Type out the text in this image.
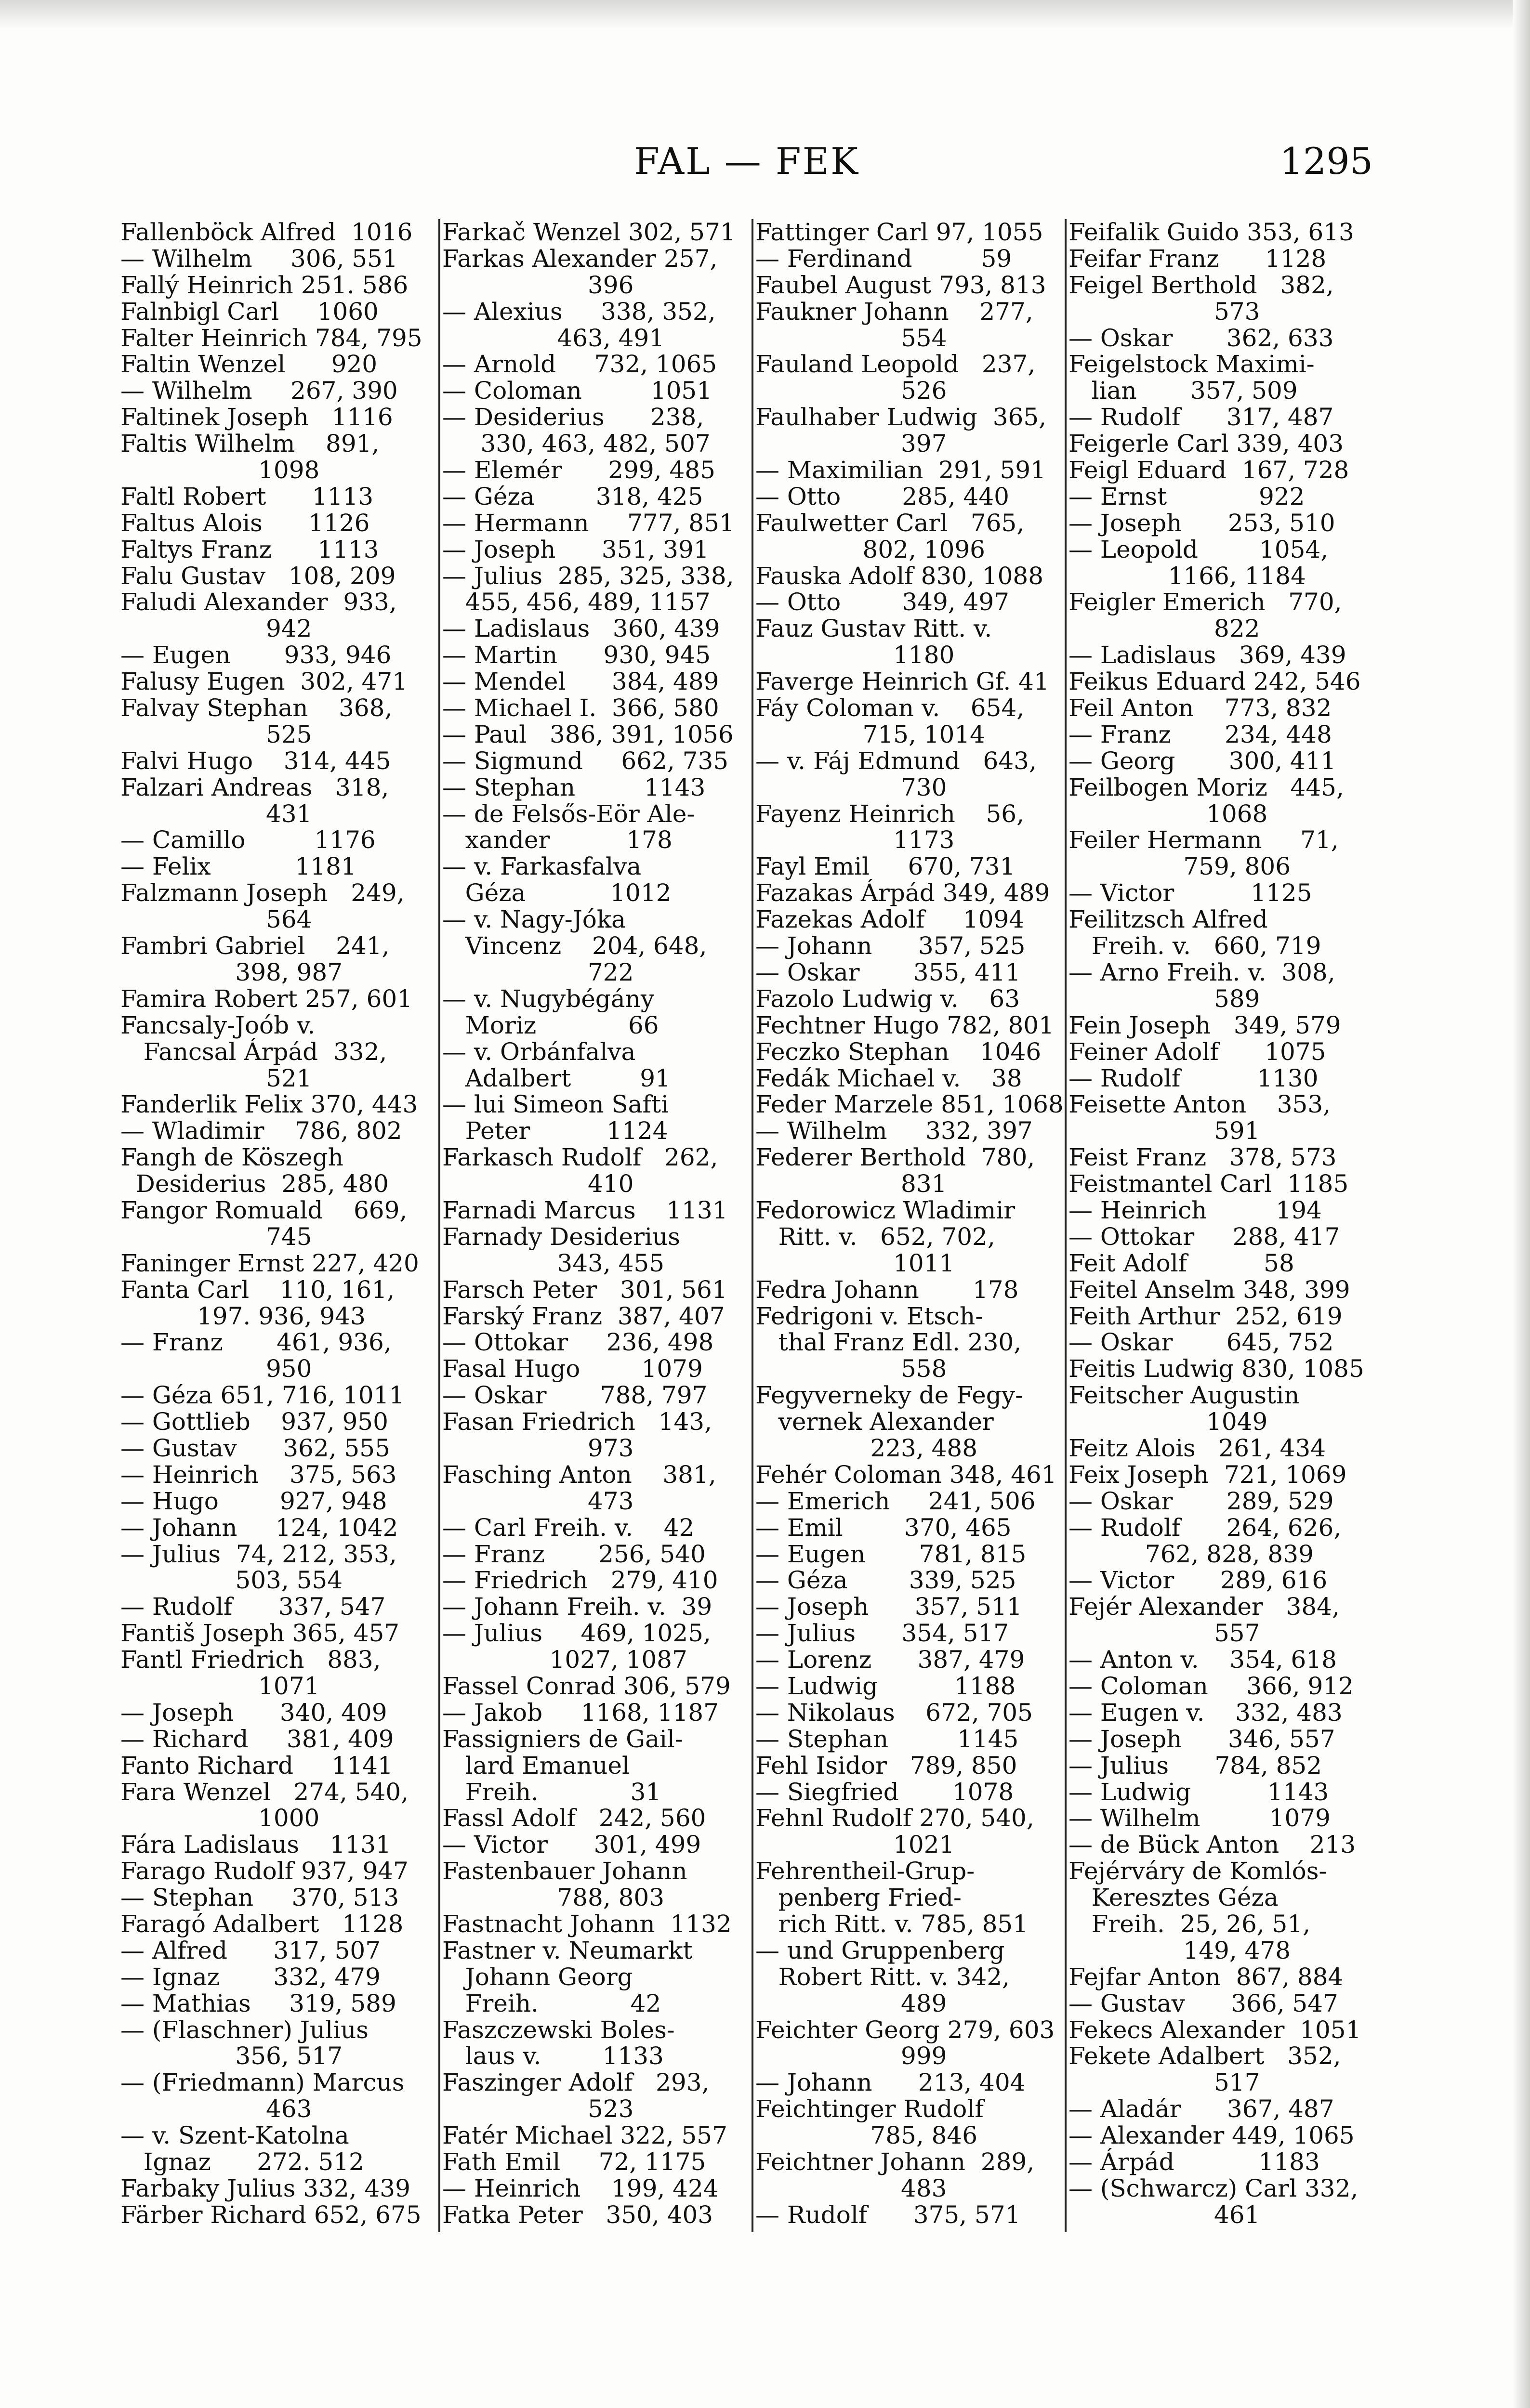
FAL — FEK	1295
Fallenböck Alfred  1016
— Wilhelm     306, 551
Fallý Heinrich 251. 586
Falnbigl Carl     1060
Falter Heinrich 784, 795
Faltin Wenzel      920
— Wilhelm     267, 390
Faltinek Joseph   1116
Faltis Wilhelm    891,
1098
Faltl Robert      1113
Faltus Alois      1126
Faltys Franz      1113
Falu Gustav   108, 209
Faludi Alexander  933,
942
— Eugen       933, 946
Falusy Eugen  302, 471
Falvay Stephan    368,
525
Falvi Hugo    314, 445
Falzari Andreas   318,
431
— Camillo         1176
— Felix           1181
Falzmann Joseph   249,
564
Fambri Gabriel    241,
398, 987
Famira Robert 257, 601
Fancsaly-Joób v.
Fancsal Árpád  332,
521
Fanderlik Felix 370, 443
— Wladimir    786, 802
Fangh de Köszegh
Desiderius  285, 480
Fangor Romuald    669,
745
Faninger Ernst 227, 420
Fanta Carl    110, 161,
197. 936, 943
— Franz       461, 936,
950
— Géza 651, 716, 1011
— Gottlieb    937, 950
— Gustav      362, 555
— Heinrich    375, 563
— Hugo        927, 948
— Johann     124, 1042
— Julius  74, 212, 353,
503, 554
— Rudolf      337, 547
Fantiš Joseph 365, 457
Fantl Friedrich   883,
1071
— Joseph      340, 409
— Richard     381, 409
Fanto Richard     1141
Fara Wenzel   274, 540,
1000
Fára Ladislaus    1131
Farago Rudolf 937, 947
— Stephan     370, 513
Faragó Adalbert   1128
— Alfred      317, 507
— Ignaz       332, 479
— Mathias     319, 589
— (Flaschner) Julius
356, 517
— (Friedmann) Marcus
463
— v. Szent-Katolna
Ignaz      272. 512
Farbaky Julius 332, 439
Färber Richard 652, 675
Farkač Wenzel 302, 571
Farkas Alexander 257,
396
— Alexius     338, 352,
463, 491
— Arnold     732, 1065
— Coloman         1051
— Desiderius      238,
330, 463, 482, 507
— Elemér      299, 485
— Géza        318, 425
— Hermann     777, 851
— Joseph      351, 391
— Julius  285, 325, 338,
455, 456, 489, 1157
— Ladislaus   360, 439
— Martin      930, 945
— Mendel      384, 489
— Michael I.  366, 580
— Paul   386, 391, 1056
— Sigmund     662, 735
— Stephan         1143
— de Felsős-Eör Ale-
xander          178
— v. Farkasfalva
Géza           1012
— v. Nagy-Jóka
Vincenz    204, 648,
722
— v. Nugybégány
Moriz            66
— v. Orbánfalva
Adalbert         91
— lui Simeon Safti
Peter          1124
Farkasch Rudolf   262,
410
Farnadi Marcus    1131
Farnady Desiderius
343, 455
Farsch Peter   301, 561
Farský Franz  387, 407
— Ottokar     236, 498
Fasal Hugo        1079
— Oskar       788, 797
Fasan Friedrich   143,
973
Fasching Anton    381,
473
— Carl Freih. v.    42
— Franz       256, 540
— Friedrich   279, 410
— Johann Freih. v.  39
— Julius     469, 1025,
1027, 1087
Fassel Conrad 306, 579
— Jakob     1168, 1187
Fassigniers de Gail-
lard Emanuel
Freih.            31
Fassl Adolf   242, 560
— Victor      301, 499
Fastenbauer Johann
788, 803
Fastnacht Johann  1132
Fastner v. Neumarkt
Johann Georg
Freih.            42
Faszczewski Boles-
laus v.        1133
Faszinger Adolf   293,
523
Fatér Michael 322, 557
Fath Emil     72, 1175
— Heinrich    199, 424
Fatka Peter   350, 403
Fattinger Carl 97, 1055
— Ferdinand         59
Faubel August 793, 813
Faukner Johann    277,
554
Fauland Leopold   237,
526
Faulhaber Ludwig  365,
397
— Maximilian  291, 591
— Otto        285, 440
Faulwetter Carl   765,
802, 1096
Fauska Adolf 830, 1088
— Otto        349, 497
Fauz Gustav Ritt. v.
1180
Faverge Heinrich Gf. 41
Fáy Coloman v.    654,
715, 1014
— v. Fáj Edmund   643,
730
Fayenz Heinrich    56,
1173
Fayl Emil     670, 731
Fazakas Árpád 349, 489
Fazekas Adolf     1094
— Johann      357, 525
— Oskar       355, 411
Fazolo Ludwig v.    63
Fechtner Hugo 782, 801
Feczko Stephan    1046
Fedák Michael v.    38
Feder Marzele 851, 1068
— Wilhelm     332, 397
Federer Berthold  780,
831
Fedorowicz Wladimir
Ritt. v.   652, 702,
1011
Fedra Johann       178
Fedrigoni v. Etsch-
thal Franz Edl. 230,
558
Fegyverneky de Fegy-
vernek Alexander
223, 488
Fehér Coloman 348, 461
— Emerich     241, 506
— Emil        370, 465
— Eugen       781, 815
— Géza        339, 525
— Joseph      357, 511
— Julius      354, 517
— Lorenz      387, 479
— Ludwig          1188
— Nikolaus    672, 705
— Stephan         1145
Fehl Isidor   789, 850
— Siegfried       1078
Fehnl Rudolf 270, 540,
1021
Fehrentheil-Grup-
penberg Fried-
rich Ritt. v. 785, 851
— und Gruppenberg
Robert Ritt. v. 342,
489
Feichter Georg 279, 603
999
— Johann      213, 404
Feichtinger Rudolf
785, 846
Feichtner Johann  289,
483
— Rudolf      375, 571
Feifalik Guido 353, 613
Feifar Franz      1128
Feigel Berthold   382,
573
— Oskar       362, 633
Feigelstock Maximi-
lian       357, 509
— Rudolf      317, 487
Feigerle Carl 339, 403
Feigl Eduard  167, 728
— Ernst            922
— Joseph      253, 510
— Leopold        1054,
1166, 1184
Feigler Emerich   770,
822
— Ladislaus   369, 439
Feikus Eduard 242, 546
Feil Anton    773, 832
— Franz       234, 448
— Georg       300, 411
Feilbogen Moriz   445,
1068
Feiler Hermann     71,
759, 806
— Victor          1125
Feilitzsch Alfred
Freih. v.   660, 719
— Arno Freih. v.  308,
589
Fein Joseph   349, 579
Feiner Adolf      1075
— Rudolf          1130
Feisette Anton    353,
591
Feist Franz   378, 573
Feistmantel Carl  1185
— Heinrich         194
— Ottokar     288, 417
Feit Adolf          58
Feitel Anselm 348, 399
Feith Arthur  252, 619
— Oskar       645, 752
Feitis Ludwig 830, 1085
Feitscher Augustin
1049
Feitz Alois   261, 434
Feix Joseph  721, 1069
— Oskar       289, 529
— Rudolf      264, 626,
762, 828, 839
— Victor      289, 616
Fejér Alexander   384,
557
— Anton v.    354, 618
— Coloman     366, 912
— Eugen v.    332, 483
— Joseph      346, 557
— Julius      784, 852
— Ludwig          1143
— Wilhelm         1079
— de Bück Anton    213
Fejérváry de Komlós-
Keresztes Géza
Freih.  25, 26, 51,
149, 478
Fejfar Anton  867, 884
— Gustav      366, 547
Fekecs Alexander  1051
Fekete Adalbert   352,
517
— Aladár      367, 487
— Alexander 449, 1065
— Árpád           1183
— (Schwarcz) Carl 332,
461
